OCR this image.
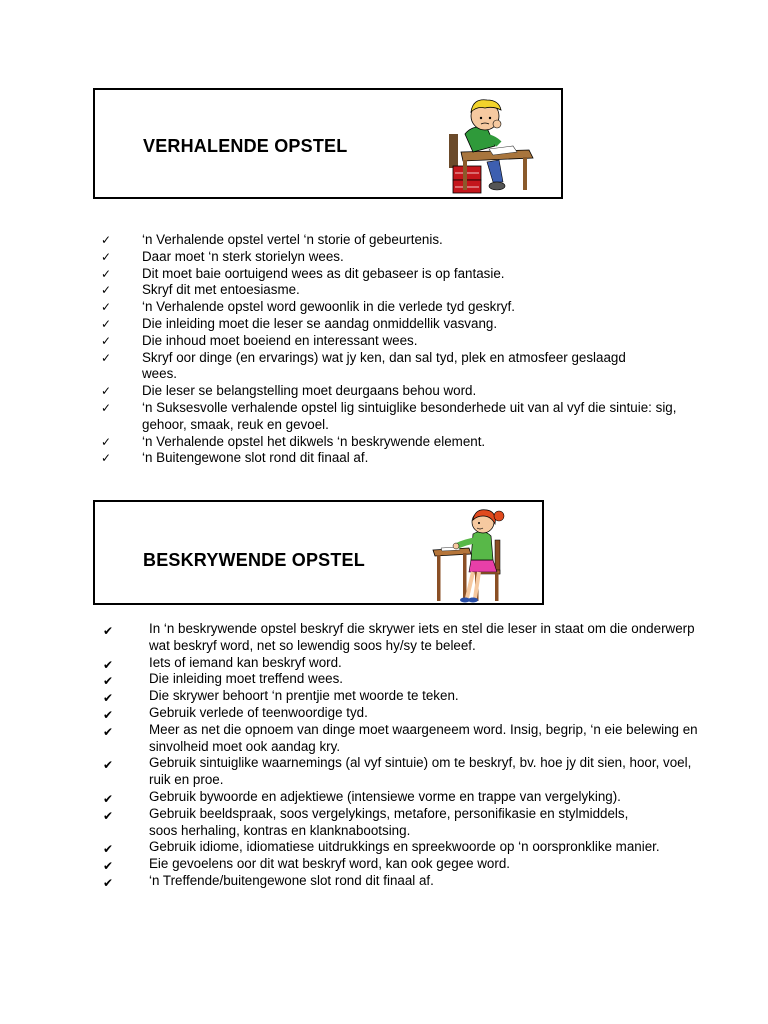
VERHALENDE OPSTEL
✓ ‘n Verhalende opstel vertel ‘n storie of gebeurtenis.
✓ Daar moet ‘n sterk storielyn wees.
✓ Dit moet baie oortuigend wees as dit gebaseer is op fantasie.
✓ Skryf dit met entoesiasme.
✓ ‘n Verhalende opstel word gewoonlik in die verlede tyd geskryf.
✓ Die inleiding moet die leser se aandag onmiddellik vasvang.
✓ Die inhoud moet boeiend en interessant wees.
✓ Skryf oor dinge (en ervarings) wat jy ken, dan sal tyd, plek en atmosfeer geslaagd wees.
✓ Die leser se belangstelling moet deurgaans behou word.
✓ ‘n Suksesvolle verhalende opstel lig sintuiglike besonderhede uit van al vyf die sintuie: sig, gehoor, smaak, reuk en gevoel.
✓ ‘n Verhalende opstel het dikwels ‘n beskrywende element.
✓ ‘n Buitengewone slot rond dit finaal af.
BESKRYWENDE OPSTEL
✔	In ‘n beskrywende opstel beskryf die skrywer iets en stel die leser in staat om die onderwerp wat beskryf word, net so lewendig soos hy/sy te beleef.
✔	Iets of iemand kan beskryf word.
✔	Die inleiding moet treffend wees.
✔	Die skrywer behoort ‘n prentjie met woorde te teken.
✔	Gebruik verlede of teenwoordige tyd.
✔	Meer as net die opnoem van dinge moet waargeneem word. Insig, begrip, ‘n eie belewing en sinvolheid moet ook aandag kry.
✔	Gebruik sintuiglike waarnemings (al vyf sintuie) om te beskryf, bv. hoe jy dit sien, hoor, voel, ruik en proe.
✔	Gebruik bywoorde en adjektiewe (intensiewe vorme en trappe van vergelyking).
✔	Gebruik beeldspraak, soos vergelykings, metafore, personifikasie en stylmiddels, soos herhaling, kontras en klanknabootsing.
✔	Gebruik idiome, idiomatiese uitdrukkings en spreekwoorde op ‘n oorspronklike manier.
✔	Eie gevoelens oor dit wat beskryf word, kan ook gegee word.
✔	‘n Treffende/buitengewone slot rond dit finaal af.
